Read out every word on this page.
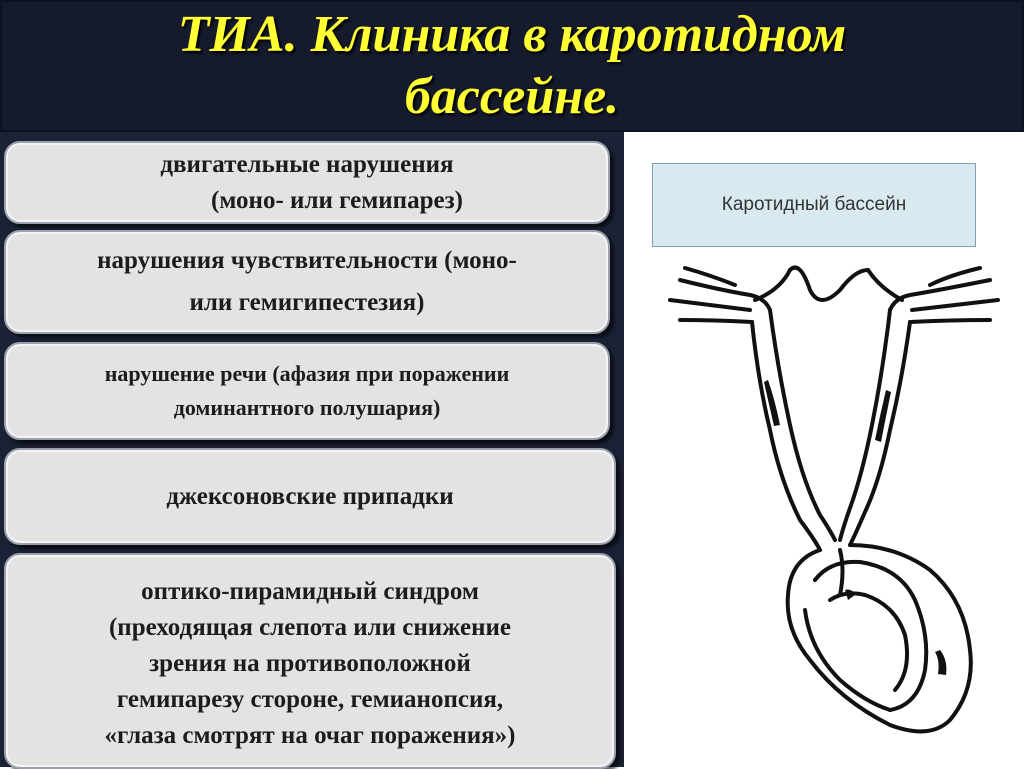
ТИА. Клиника в каротидном
бассейне.
двигательные нарушения
(моно- или гемипарез)
нарушения чувствительности (моно-
или гемигипестезия)
нарушение речи (афазия при поражении
доминантного полушария)
джексоновские припадки
оптико-пирамидный синдром
(преходящая слепота или снижение
зрения на противоположной
гемипарезу стороне, гемианопсия,
«глаза смотрят на очаг поражения»)
Каротидный бассейн
